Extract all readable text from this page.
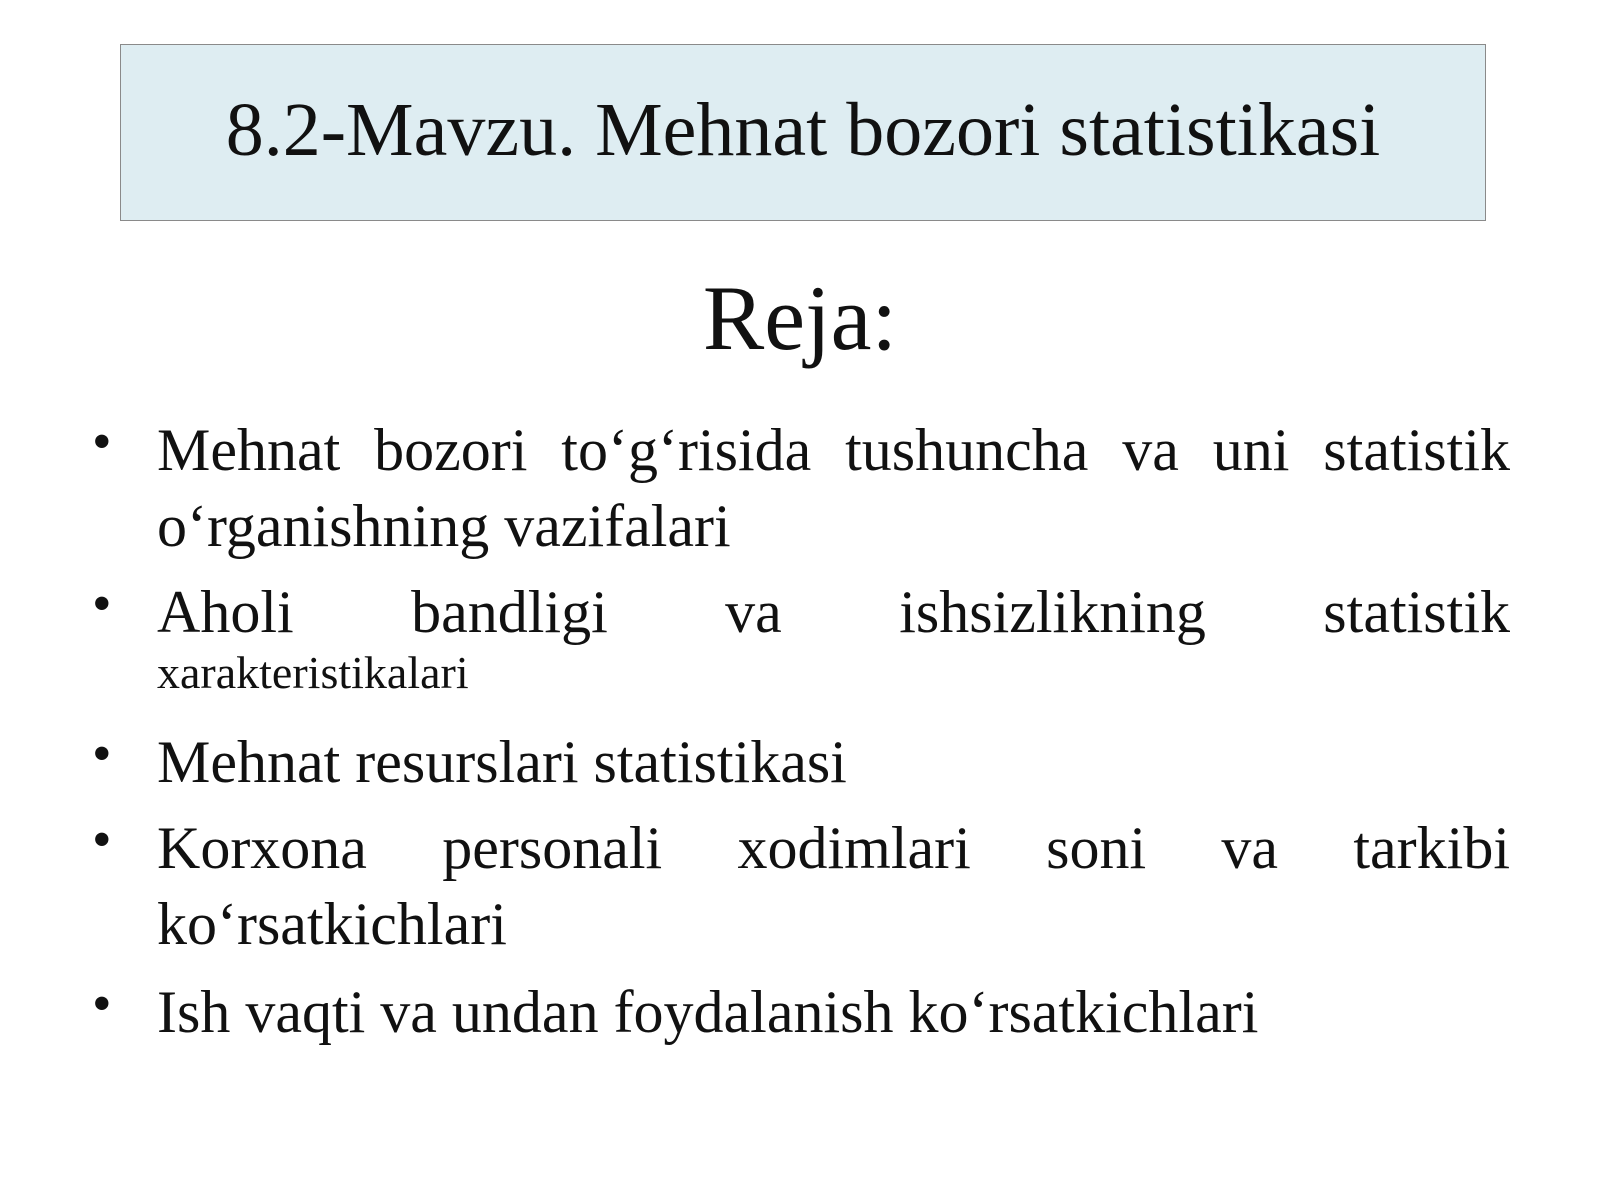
8.2-Mavzu. Mehnat bozori statistikasi
Reja:
• Mehnat bozori to‘g‘risida tushuncha va uni statistik o‘rganishning vazifalari
• Aholi bandligi va ishsizlikning statistik
xarakteristikalari
• Mehnat resurslari statistikasi
• Korxona personali xodimlari soni va tarkibi ko‘rsatkichlari
• Ish vaqti va undan foydalanish ko‘rsatkichlari
